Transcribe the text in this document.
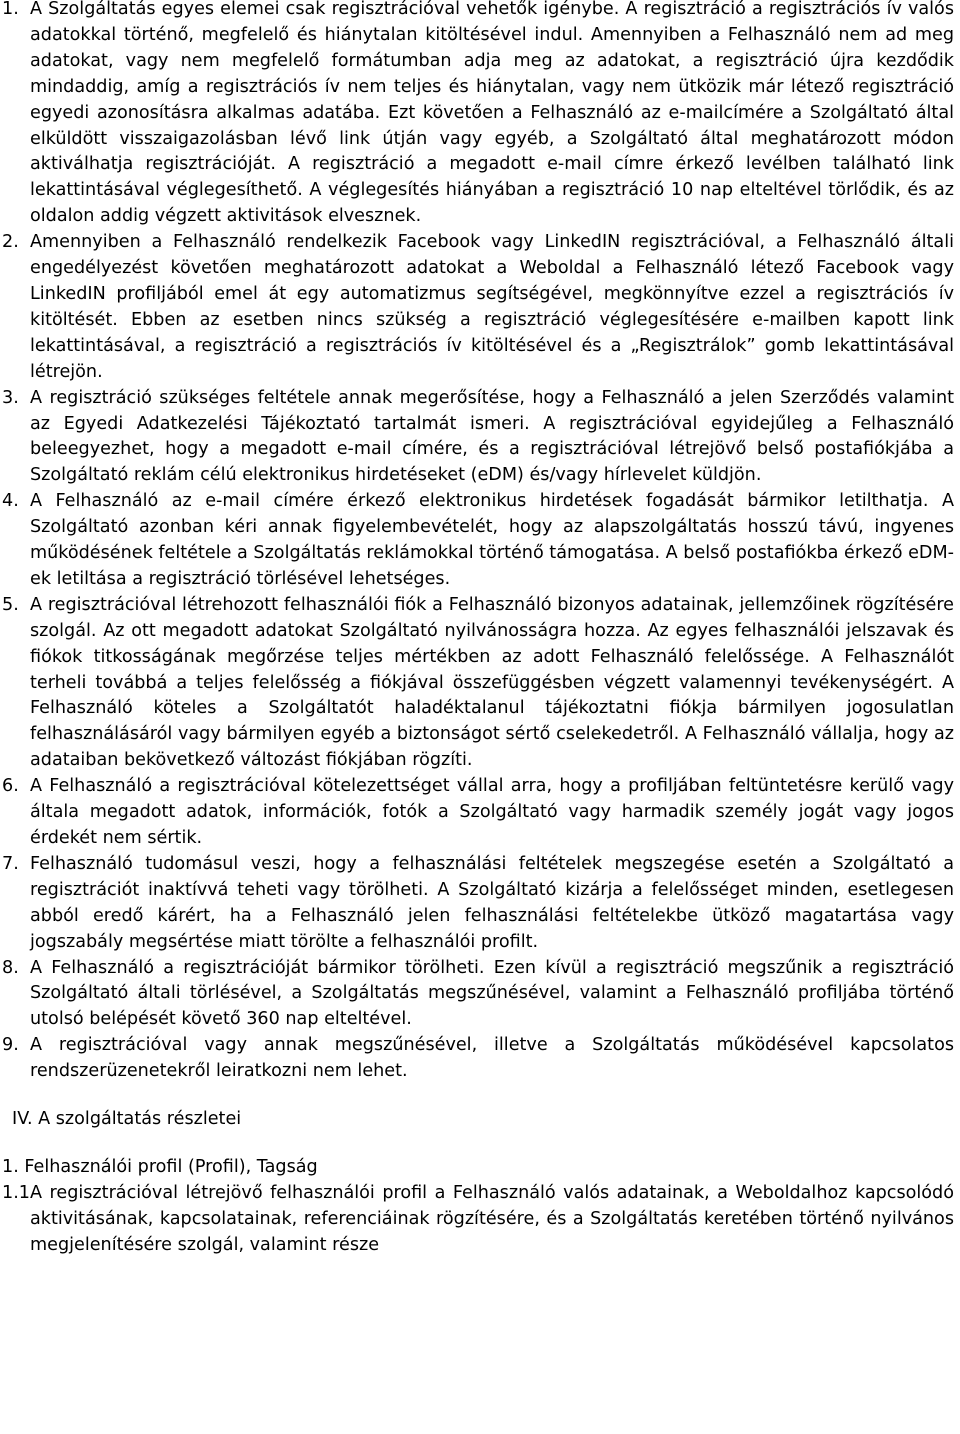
1. A Szolgáltatás egyes elemei csak regisztrációval vehetők igénybe. A regisztráció a regisztrációs ív valós adatokkal történő, megfelelő és hiánytalan kitöltésével indul. Amennyiben a Felhasználó nem ad meg adatokat, vagy nem megfelelő formátumban adja meg az adatokat, a regisztráció újra kezdődik mindaddig, amíg a regisztrációs ív nem teljes és hiánytalan, vagy nem ütközik már létező regisztráció egyedi azonosításra alkalmas adatába. Ezt követően a Felhasználó az e-mailcímére a Szolgáltató által elküldött visszaigazolásban lévő link útján vagy egyéb, a Szolgáltató által meghatározott módon aktiválhatja regisztrációját. A regisztráció a megadott e-mail címre érkező levélben található link lekattintásával véglegesíthető. A véglegesítés hiányában a regisztráció 10 nap elteltével törlődik, és az oldalon addig végzett aktivitások elvesznek.
2. Amennyiben a Felhasználó rendelkezik Facebook vagy LinkedIN regisztrációval, a Felhasználó általi engedélyezést követően meghatározott adatokat a Weboldal a Felhasználó létező Facebook vagy LinkedIN profiljából emel át egy automatizmus segítségével, megkönnyítve ezzel a regisztrációs ív kitöltését. Ebben az esetben nincs szükség a regisztráció véglegesítésére e-mailben kapott link lekattintásával, a regisztráció a regisztrációs ív kitöltésével és a „Regisztrálok” gomb lekattintásával létrejön.
3. A regisztráció szükséges feltétele annak megerősítése, hogy a Felhasználó a jelen Szerződés valamint az Egyedi Adatkezelési Tájékoztató tartalmát ismeri. A regisztrációval egyidejűleg a Felhasználó beleegyezhet, hogy a megadott e-mail címére, és a regisztrációval létrejövő belső postafiókjába a Szolgáltató reklám célú elektronikus hirdetéseket (eDM) és/vagy hírlevelet küldjön.
4. A Felhasználó az e-mail címére érkező elektronikus hirdetések fogadását bármikor letilthatja. A Szolgáltató azonban kéri annak figyelembevételét, hogy az alapszolgáltatás hosszú távú, ingyenes működésének feltétele a Szolgáltatás reklámokkal történő támogatása. A belső postafiókba érkező eDM-ek letiltása a regisztráció törlésével lehetséges.
5. A regisztrációval létrehozott felhasználói fiók a Felhasználó bizonyos adatainak, jellemzőinek rögzítésére szolgál. Az ott megadott adatokat Szolgáltató nyilvánosságra hozza. Az egyes felhasználói jelszavak és fiókok titkosságának megőrzése teljes mértékben az adott Felhasználó felelőssége. A Felhasználót terheli továbbá a teljes felelősség a fiókjával összefüggésben végzett valamennyi tevékenységért. A Felhasználó köteles a Szolgáltatót haladéktalanul tájékoztatni fiókja bármilyen jogosulatlan felhasználásáról vagy bármilyen egyéb a biztonságot sértő cselekedetről. A Felhasználó vállalja, hogy az adataiban bekövetkező változást fiókjában rögzíti.
6. A Felhasználó a regisztrációval kötelezettséget vállal arra, hogy a profiljában feltüntetésre kerülő vagy általa megadott adatok, információk, fotók a Szolgáltató vagy harmadik személy jogát vagy jogos érdekét nem sértik.
7. Felhasználó tudomásul veszi, hogy a felhasználási feltételek megszegése esetén a Szolgáltató a regisztrációt inaktívvá teheti vagy törölheti. A Szolgáltató kizárja a felelősséget minden, esetlegesen abból eredő kárért, ha a Felhasználó jelen felhasználási feltételekbe ütköző magatartása vagy jogszabály megsértése miatt törölte a felhasználói profilt.
8. A Felhasználó a regisztrációját bármikor törölheti. Ezen kívül a regisztráció megszűnik a regisztráció Szolgáltató általi törlésével, a Szolgáltatás megszűnésével, valamint a Felhasználó profiljába történő utolsó belépését követő 360 nap elteltével.
9. A regisztrációval vagy annak megszűnésével, illetve a Szolgáltatás működésével kapcsolatos rendszerüzenetekről leiratkozni nem lehet.
IV. A szolgáltatás részletei
1. Felhasználói profil (Profil), Tagság
1.1 A regisztrációval létrejövő felhasználói profil a Felhasználó valós adatainak, a Weboldalhoz kapcsolódó aktivitásának, kapcsolatainak, referenciáinak rögzítésére, és a Szolgáltatás keretében történő nyilvános megjelenítésére szolgál, valamint része
